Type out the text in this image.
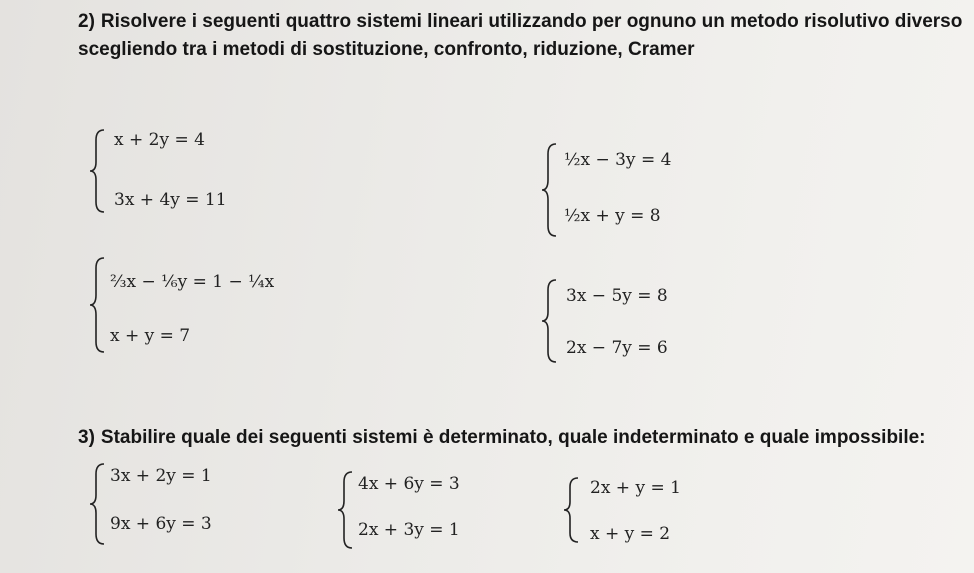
2) Risolvere i seguenti quattro sistemi lineari utilizzando per ognuno un metodo risolutivo diverso
scegliendo tra i metodi di sostituzione, confronto, riduzione, Cramer
x + 2y = 4
3x + 4y = 11
½x − 3y = 4
½x + y = 8
⅔x − ⅙y = 1 − ¼x
x + y = 7
3x − 5y = 8
2x − 7y = 6
3) Stabilire quale dei seguenti sistemi è determinato, quale indeterminato e quale impossibile:
3x + 2y = 1
9x + 6y = 3
4x + 6y = 3
2x + 3y = 1
2x + y = 1
x + y = 2
